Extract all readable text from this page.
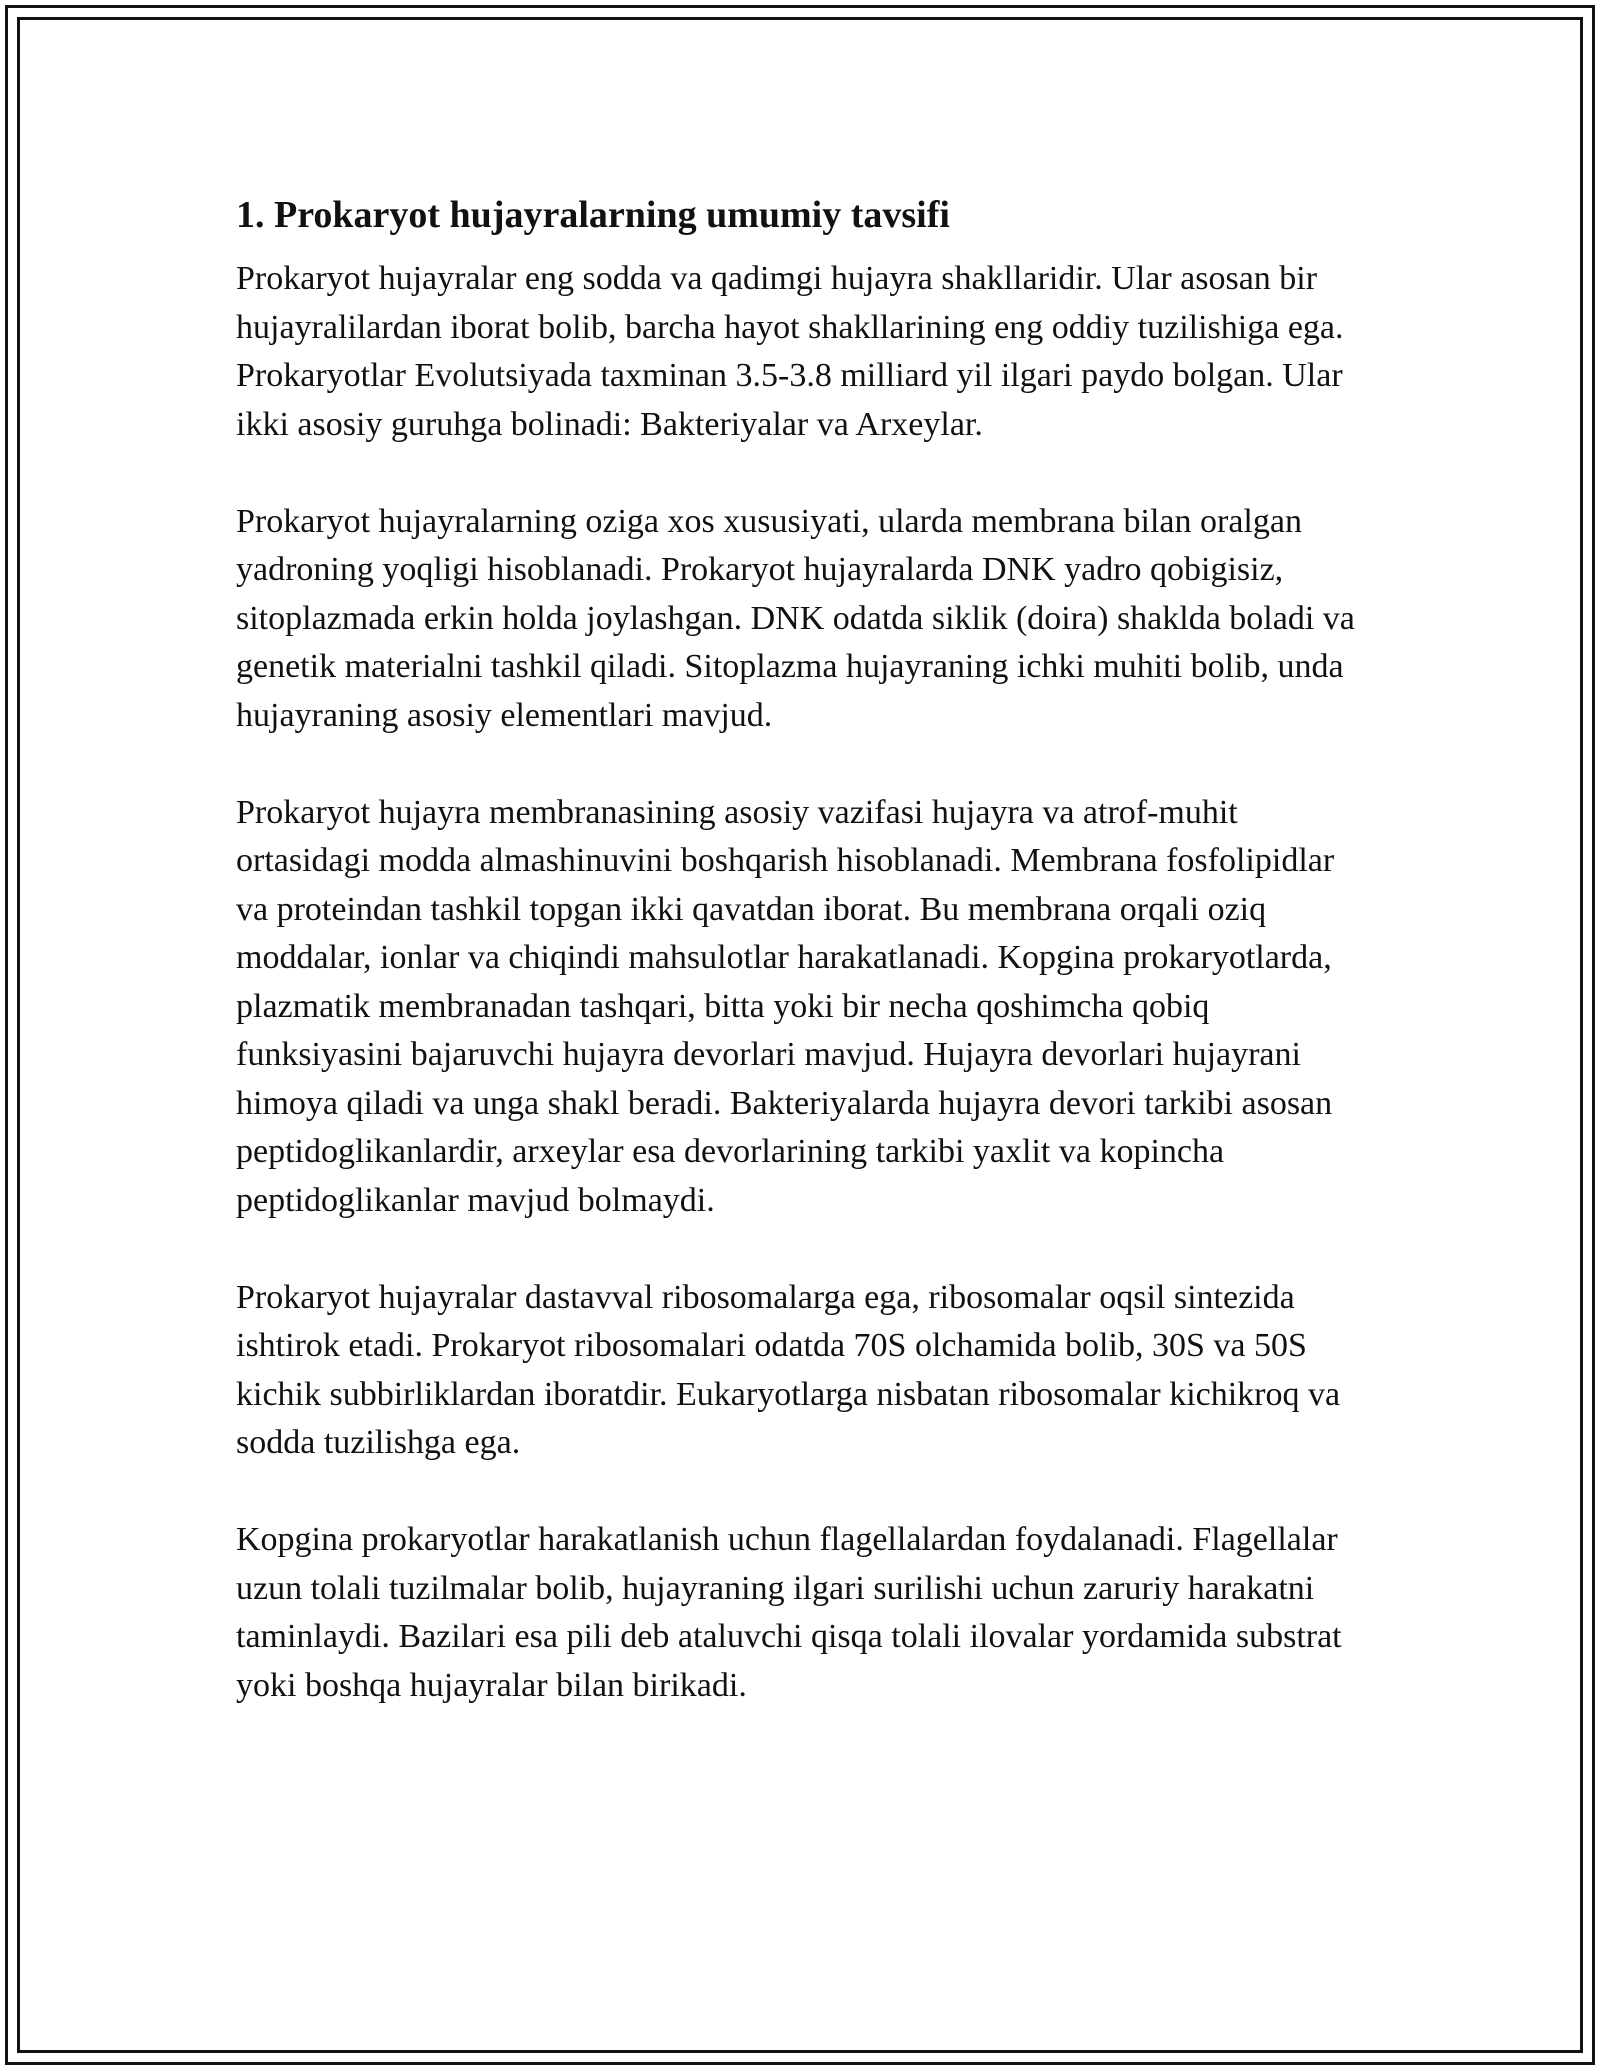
1. Prokaryot hujayralarning umumiy tavsifi

Prokaryot hujayralar eng sodda va qadimgi hujayra shakllaridir. Ular asosan bir hujayralilardan iborat bolib, barcha hayot shakllarining eng oddiy tuzilishiga ega. Prokaryotlar Evolutsiyada taxminan 3.5-3.8 milliard yil ilgari paydo bolgan. Ular ikki asosiy guruhga bolinadi: Bakteriyalar va Arxeylar.

Prokaryot hujayralarning oziga xos xususiyati, ularda membrana bilan oralgan yadroning yoqligi hisoblanadi. Prokaryot hujayralarda DNK yadro qobigisiz, sitoplazmada erkin holda joylashgan. DNK odatda siklik (doira) shaklda boladi va genetik materialni tashkil qiladi. Sitoplazma hujayraning ichki muhiti bolib, unda hujayraning asosiy elementlari mavjud.

Prokaryot hujayra membranasining asosiy vazifasi hujayra va atrof-muhit ortasidagi modda almashinuvini boshqarish hisoblanadi. Membrana fosfolipidlar va proteindan tashkil topgan ikki qavatdan iborat. Bu membrana orqali oziq moddalar, ionlar va chiqindi mahsulotlar harakatlanadi. Kopgina prokaryotlarda, plazmatik membranadan tashqari, bitta yoki bir necha qoshimcha qobiq funksiyasini bajaruvchi hujayra devorlari mavjud. Hujayra devorlari hujayrani himoya qiladi va unga shakl beradi. Bakteriyalarda hujayra devori tarkibi asosan peptidoglikanlardir, arxeylar esa devorlarining tarkibi yaxlit va kopincha peptidoglikanlar mavjud bolmaydi.

Prokaryot hujayralar dastavval ribosomalarga ega, ribosomalar oqsil sintezida ishtirok etadi. Prokaryot ribosomalari odatda 70S olchamida bolib, 30S va 50S kichik subbirliklardan iboratdir. Eukaryotlarga nisbatan ribosomalar kichikroq va sodda tuzilishga ega.

Kopgina prokaryotlar harakatlanish uchun flagellalardan foydalanadi. Flagellalar uzun tolali tuzilmalar bolib, hujayraning ilgari surilishi uchun zaruriy harakatni taminlaydi. Bazilari esa pili deb ataluvchi qisqa tolali ilovalar yordamida substrat yoki boshqa hujayralar bilan birikadi.
